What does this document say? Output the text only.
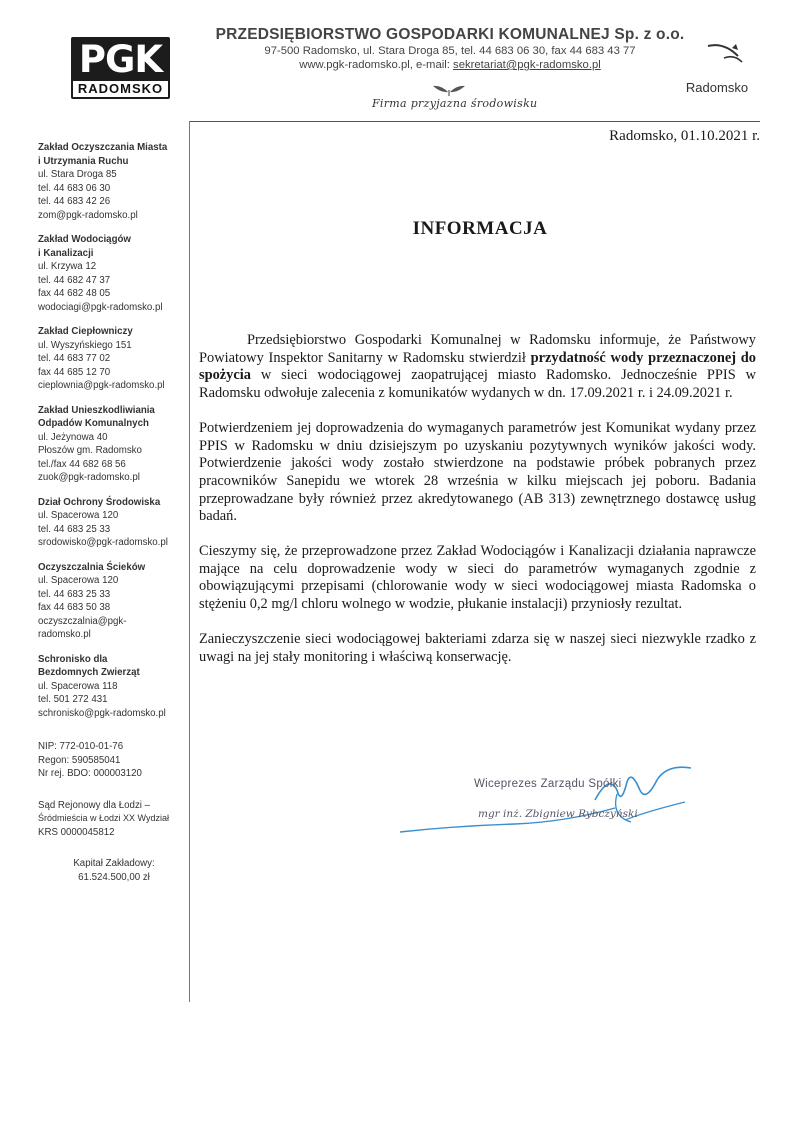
PGK
RADOMSKO
PRZEDSIĘBIORSTWO GOSPODARKI KOMUNALNEJ Sp. z o.o.
97-500 Radomsko, ul. Stara Droga 85, tel. 44 683 06 30, fax 44 683 43 77
www.pgk-radomsko.pl, e-mail: sekretariat@pgk-radomsko.pl
Firma przyjazna środowisku
Radomsko
Zakład Oczyszczania Miasta
i Utrzymania Ruchu
ul. Stara Droga 85
tel. 44 683 06 30
tel. 44 683 42 26
zom@pgk-radomsko.pl
Zakład Wodociągów
i Kanalizacji
ul. Krzywa 12
tel. 44 682 47 37
fax 44 682 48 05
wodociagi@pgk-radomsko.pl
Zakład Ciepłowniczy
ul. Wyszyńskiego 151
tel. 44 683 77 02
fax 44 685 12 70
cieplownia@pgk-radomsko.pl
Zakład Unieszkodliwiania
Odpadów Komunalnych
ul. Jeżynowa 40
Płoszów gm. Radomsko
tel./fax 44 682 68 56
zuok@pgk-radomsko.pl
Dział Ochrony Środowiska
ul. Spacerowa 120
tel. 44 683 25 33
srodowisko@pgk-radomsko.pl
Oczyszczalnia Ścieków
ul. Spacerowa 120
tel. 44 683 25 33
fax 44 683 50 38
oczyszczalnia@pgk-
radomsko.pl
Schronisko dla
Bezdomnych Zwierząt
ul. Spacerowa 118
tel. 501 272 431
schronisko@pgk-radomsko.pl
NIP: 772-010-01-76
Regon: 590585041
Nr rej. BDO: 000003120
Sąd Rejonowy dla Łodzi –
Śródmieścia w Łodzi XX Wydział
KRS 0000045812
Kapitał Zakładowy:
61.524.500,00 zł
Radomsko, 01.10.2021 r.
INFORMACJA

Przedsiębiorstwo Gospodarki Komunalnej w Radomsku informuje, że Państwowy Powiatowy Inspektor Sanitarny w Radomsku stwierdził przydatność wody przeznaczonej do spożycia w sieci wodociągowej zaopatrującej miasto Radomsko. Jednocześnie PPIS w Radomsku odwołuje zalecenia z komunikatów wydanych w dn. 17.09.2021 r. i 24.09.2021 r.

Potwierdzeniem jej doprowadzenia do wymaganych parametrów jest Komunikat wydany przez PPIS w Radomsku w dniu dzisiejszym po uzyskaniu pozytywnych wyników jakości wody. Potwierdzenie jakości wody zostało stwierdzone na podstawie próbek pobranych przez pracowników Sanepidu we wtorek 28 września w kilku miejscach jej poboru. Badania przeprowadzane były również przez akredytowanego (AB 313) zewnętrznego dostawcę usług badań.

Cieszymy się, że przeprowadzone przez Zakład Wodociągów i Kanalizacji działania naprawcze mające na celu doprowadzenie wody w sieci do parametrów wymaganych zgodnie z obowiązującymi przepisami (chlorowanie wody w sieci wodociągowej miasta Radomska o stężeniu 0,2 mg/l chloru wolnego w wodzie, płukanie instalacji) przyniosły rezultat.

Zanieczyszczenie sieci wodociągowej bakteriami zdarza się w naszej sieci niezwykle rzadko z uwagi na jej stały monitoring i właściwą konserwację.

Wiceprezes Zarządu Spółki
mgr inż. Zbigniew Rybczyński
